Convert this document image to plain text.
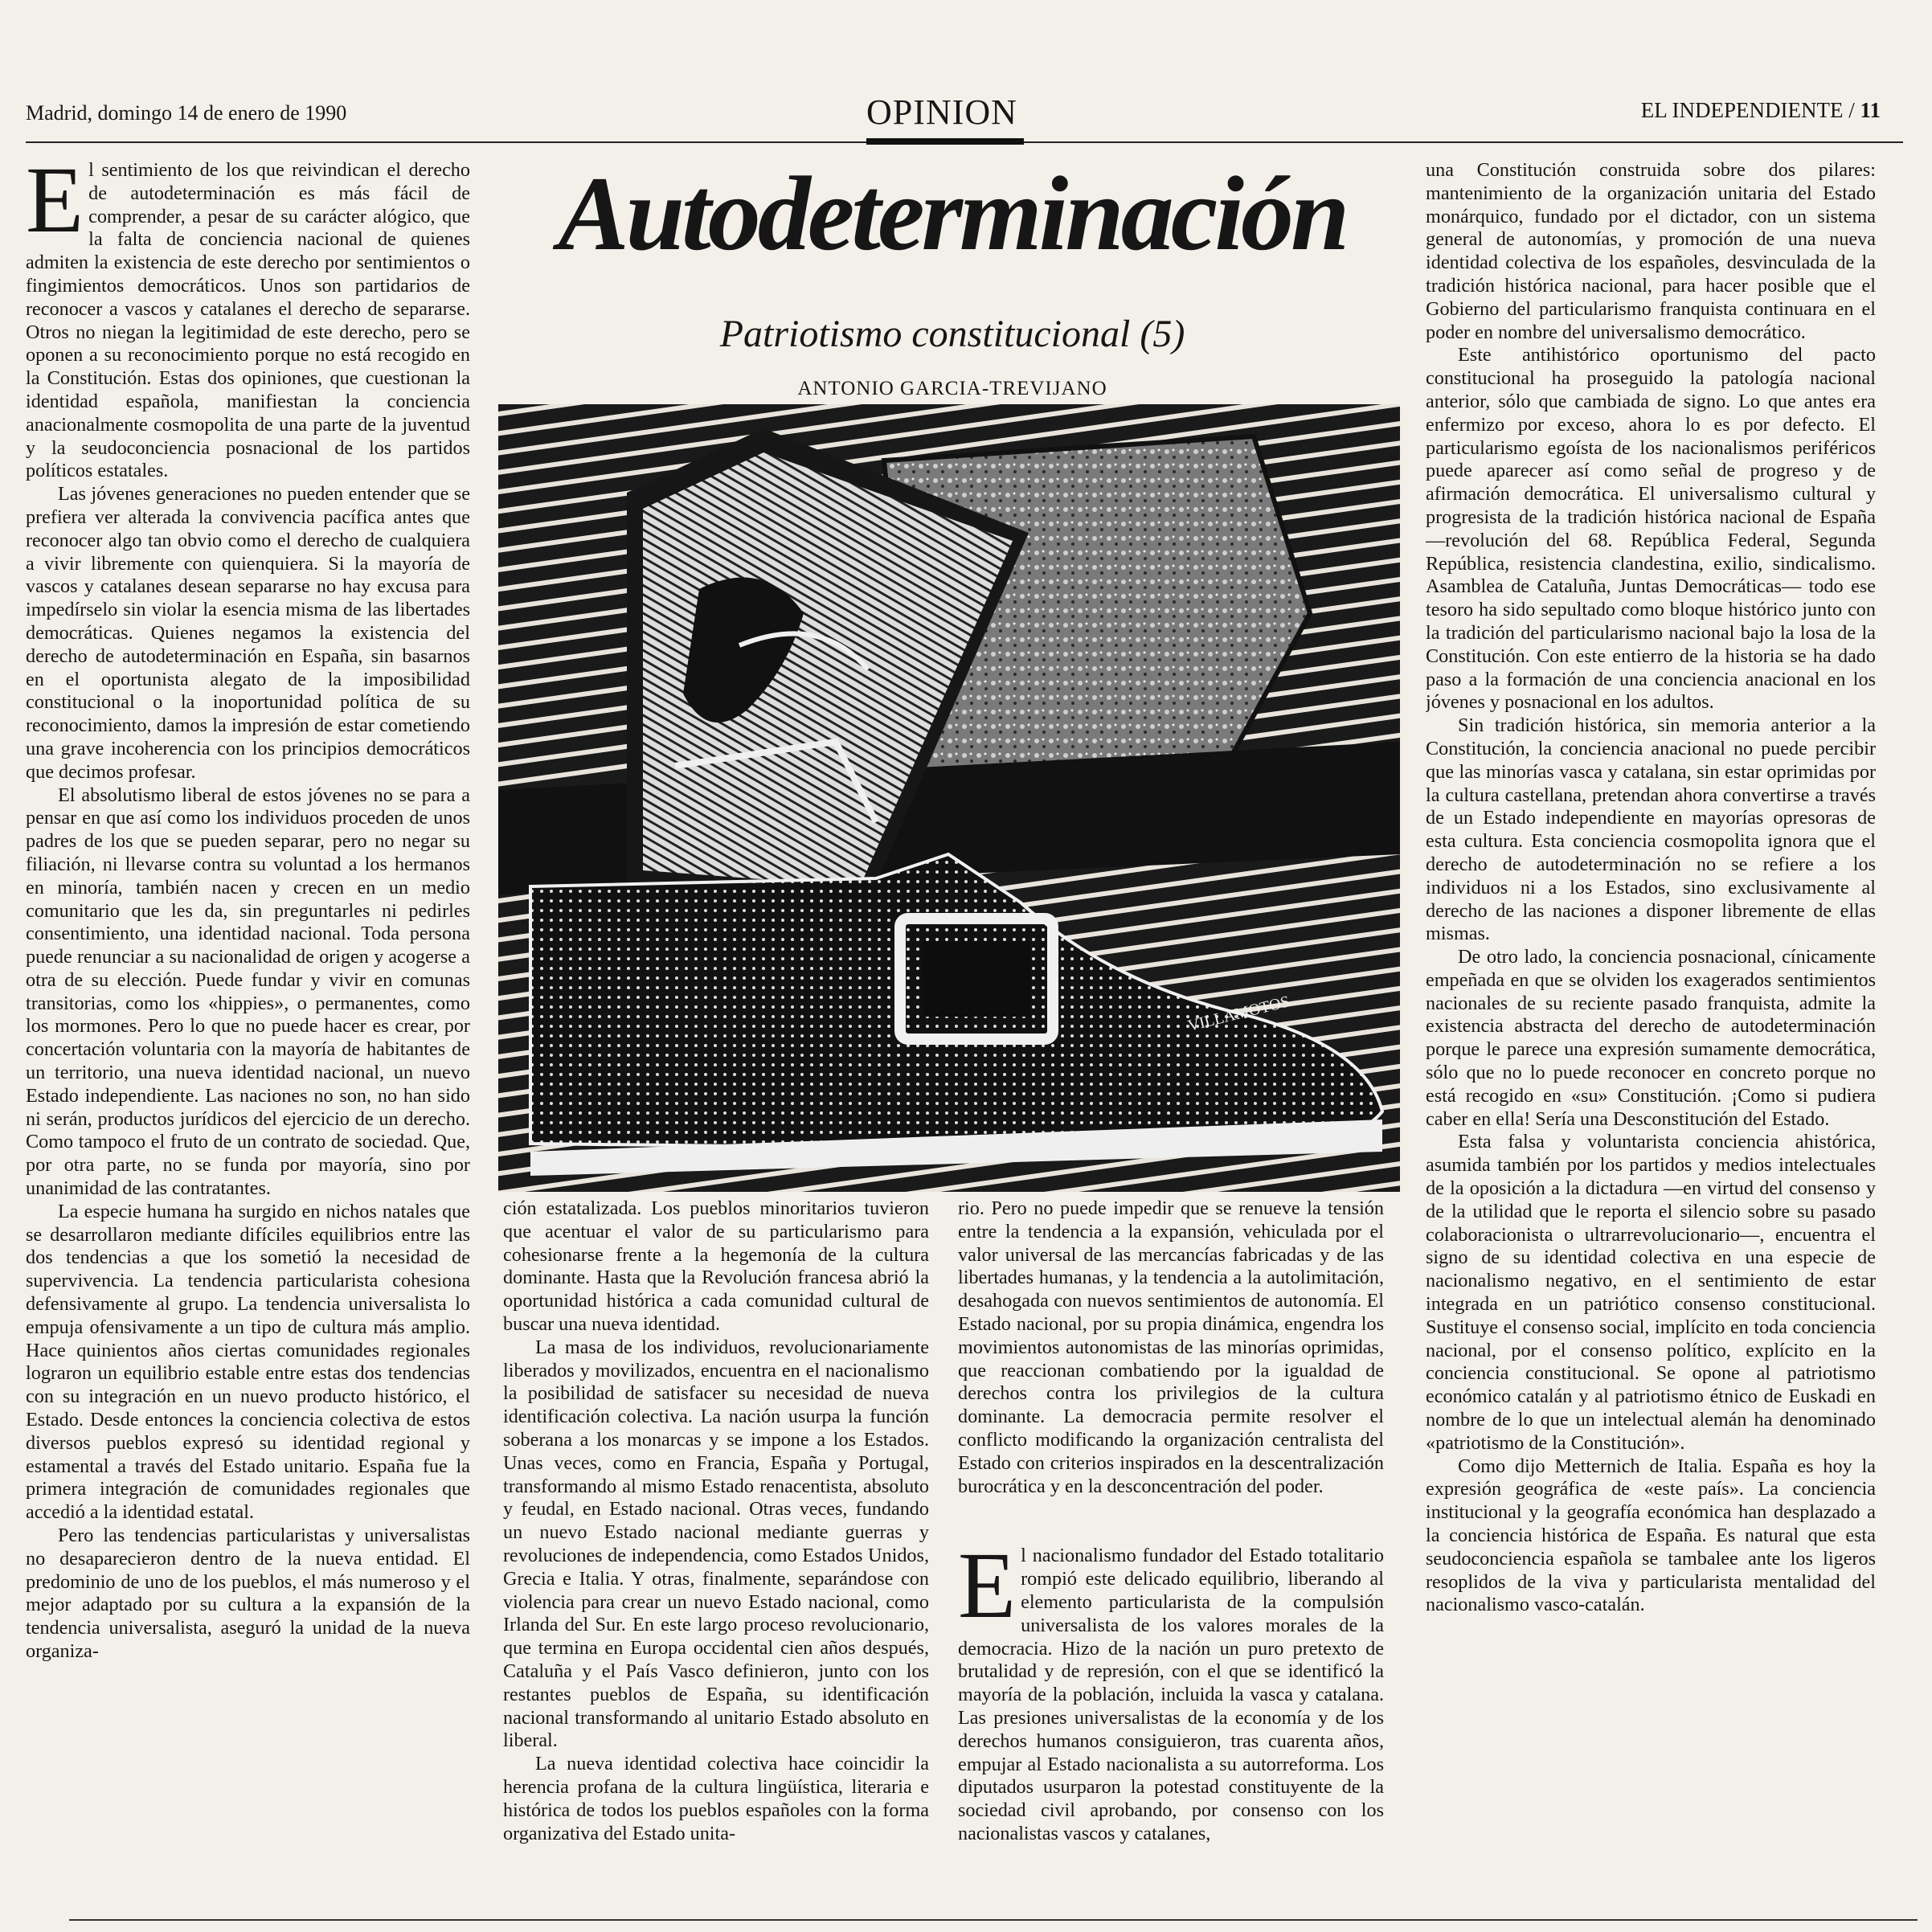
Madrid, domingo 14 de enero de 1990	OPINION	EL INDEPENDIENTE / 11
Autodeterminación
Patriotismo constitucional (5)
ANTONIO GARCIA-TREVIJANO
VILLAMOTOS

El sentimiento de los que reivindican el derecho de autodeterminación es más fácil de comprender, a pesar de su carácter alógico, que la falta de conciencia nacional de quienes admiten la existencia de este derecho por sentimientos o fingimientos democráticos. Unos son partidarios de reconocer a vascos y catalanes el derecho de separarse. Otros no niegan la legitimidad de este derecho, pero se oponen a su reconocimiento porque no está recogido en la Constitución. Estas dos opiniones, que cuestionan la identidad española, manifiestan la conciencia anacionalmente cosmopolita de una parte de la juventud y la seudoconciencia posnacional de los partidos políticos estatales.

Las jóvenes generaciones no pueden entender que se prefiera ver alterada la convivencia pacífica antes que reconocer algo tan obvio como el derecho de cualquiera a vivir libremente con quienquiera. Si la mayoría de vascos y catalanes desean separarse no hay excusa para impedírselo sin violar la esencia misma de las libertades democráticas. Quienes negamos la existencia del derecho de autodeterminación en España, sin basarnos en el oportunista alegato de la imposibilidad constitucional o la inoportunidad política de su reconocimiento, damos la impresión de estar cometiendo una grave incoherencia con los principios democráticos que decimos profesar.

El absolutismo liberal de estos jóvenes no se para a pensar en que así como los individuos proceden de unos padres de los que se pueden separar, pero no negar su filiación, ni llevarse contra su voluntad a los hermanos en minoría, también nacen y crecen en un medio comunitario que les da, sin preguntarles ni pedirles consentimiento, una identidad nacional. Toda persona puede renunciar a su nacionalidad de origen y acogerse a otra de su elección. Puede fundar y vivir en comunas transitorias, como los «hippies», o permanentes, como los mormones. Pero lo que no puede hacer es crear, por concertación voluntaria con la mayoría de habitantes de un territorio, una nueva identidad nacional, un nuevo Estado independiente. Las naciones no son, no han sido ni serán, productos jurídicos del ejercicio de un derecho. Como tampoco el fruto de un contrato de sociedad. Que, por otra parte, no se funda por mayoría, sino por unanimidad de las contratantes.

La especie humana ha surgido en nichos natales que se desarrollaron mediante difíciles equilibrios entre las dos tendencias a que los sometió la necesidad de supervivencia. La tendencia particularista cohesiona defensivamente al grupo. La tendencia universalista lo empuja ofensivamente a un tipo de cultura más amplio. Hace quinientos años ciertas comunidades regionales lograron un equilibrio estable entre estas dos tendencias con su integración en un nuevo producto histórico, el Estado. Desde entonces la conciencia colectiva de estos diversos pueblos expresó su identidad regional y estamental a través del Estado unitario. España fue la primera integración de comunidades regionales que accedió a la identidad estatal.

Pero las tendencias particularistas y universalistas no desaparecieron dentro de la nueva entidad. El predominio de uno de los pueblos, el más numeroso y el mejor adaptado por su cultura a la expansión de la tendencia universalista, aseguró la unidad de la nueva organiza-

ción estatalizada. Los pueblos minoritarios tuvieron que acentuar el valor de su particularismo para cohesionarse frente a la hegemonía de la cultura dominante. Hasta que la Revolución francesa abrió la oportunidad histórica a cada comunidad cultural de buscar una nueva identidad.

La masa de los individuos, revolucionariamente liberados y movilizados, encuentra en el nacionalismo la posibilidad de satisfacer su necesidad de nueva identificación colectiva. La nación usurpa la función soberana a los monarcas y se impone a los Estados. Unas veces, como en Francia, España y Portugal, transformando al mismo Estado renacentista, absoluto y feudal, en Estado nacional. Otras veces, fundando un nuevo Estado nacional mediante guerras y revoluciones de independencia, como Estados Unidos, Grecia e Italia. Y otras, finalmente, separándose con violencia para crear un nuevo Estado nacional, como Irlanda del Sur. En este largo proceso revolucionario, que termina en Europa occidental cien años después, Cataluña y el País Vasco definieron, junto con los restantes pueblos de España, su identificación nacional transformando al unitario Estado absoluto en liberal.

La nueva identidad colectiva hace coincidir la herencia profana de la cultura lingüística, literaria e histórica de todos los pueblos españoles con la forma organizativa del Estado unita-

rio. Pero no puede impedir que se renueve la tensión entre la tendencia a la expansión, vehiculada por el valor universal de las mercancías fabricadas y de las libertades humanas, y la tendencia a la autolimitación, desahogada con nuevos sentimientos de autonomía. El Estado nacional, por su propia dinámica, engendra los movimientos autonomistas de las minorías oprimidas, que reaccionan combatiendo por la igualdad de derechos contra los privilegios de la cultura dominante. La democracia permite resolver el conflicto modificando la organización centralista del Estado con criterios inspirados en la descentralización burocrática y en la desconcentración del poder.

El nacionalismo fundador del Estado totalitario rompió este delicado equilibrio, liberando al elemento particularista de la compulsión universalista de los valores morales de la democracia. Hizo de la nación un puro pretexto de brutalidad y de represión, con el que se identificó la mayoría de la población, incluida la vasca y catalana. Las presiones universalistas de la economía y de los derechos humanos consiguieron, tras cuarenta años, empujar al Estado nacionalista a su autorreforma. Los diputados usurparon la potestad constituyente de la sociedad civil aprobando, por consenso con los nacionalistas vascos y catalanes,

una Constitución construida sobre dos pilares: mantenimiento de la organización unitaria del Estado monárquico, fundado por el dictador, con un sistema general de autonomías, y promoción de una nueva identidad colectiva de los españoles, desvinculada de la tradición histórica nacional, para hacer posible que el Gobierno del particularismo franquista continuara en el poder en nombre del universalismo democrático.

Este antihistórico oportunismo del pacto constitucional ha proseguido la patología nacional anterior, sólo que cambiada de signo. Lo que antes era enfermizo por exceso, ahora lo es por defecto. El particularismo egoísta de los nacionalismos periféricos puede aparecer así como señal de progreso y de afirmación democrática. El universalismo cultural y progresista de la tradición histórica nacional de España —revolución del 68. República Federal, Segunda República, resistencia clandestina, exilio, sindicalismo. Asamblea de Cataluña, Juntas Democráticas— todo ese tesoro ha sido sepultado como bloque histórico junto con la tradición del particularismo nacional bajo la losa de la Constitución. Con este entierro de la historia se ha dado paso a la formación de una conciencia anacional en los jóvenes y posnacional en los adultos.

Sin tradición histórica, sin memoria anterior a la Constitución, la conciencia anacional no puede percibir que las minorías vasca y catalana, sin estar oprimidas por la cultura castellana, pretendan ahora convertirse a través de un Estado independiente en mayorías opresoras de esta cultura. Esta conciencia cosmopolita ignora que el derecho de autodeterminación no se refiere a los individuos ni a los Estados, sino exclusivamente al derecho de las naciones a disponer libremente de ellas mismas.

De otro lado, la conciencia posnacional, cínicamente empeñada en que se olviden los exagerados sentimientos nacionales de su reciente pasado franquista, admite la existencia abstracta del derecho de autodeterminación porque le parece una expresión sumamente democrática, sólo que no lo puede reconocer en concreto porque no está recogido en «su» Constitución. ¡Como si pudiera caber en ella! Sería una Desconstitución del Estado.

Esta falsa y voluntarista conciencia ahistórica, asumida también por los partidos y medios intelectuales de la oposición a la dictadura —en virtud del consenso y de la utilidad que le reporta el silencio sobre su pasado colaboracionista o ultrarrevolucionario—, encuentra el signo de su identidad colectiva en una especie de nacionalismo negativo, en el sentimiento de estar integrada en un patriótico consenso constitucional. Sustituye el consenso social, implícito en toda conciencia nacional, por el consenso político, explícito en la conciencia constitucional. Se opone al patriotismo económico catalán y al patriotismo étnico de Euskadi en nombre de lo que un intelectual alemán ha denominado «patriotismo de la Constitución».

Como dijo Metternich de Italia. España es hoy la expresión geográfica de «este país». La conciencia institucional y la geografía económica han desplazado a la conciencia histórica de España. Es natural que esta seudoconciencia española se tambalee ante los ligeros resoplidos de la viva y particularista mentalidad del nacionalismo vasco-catalán.
